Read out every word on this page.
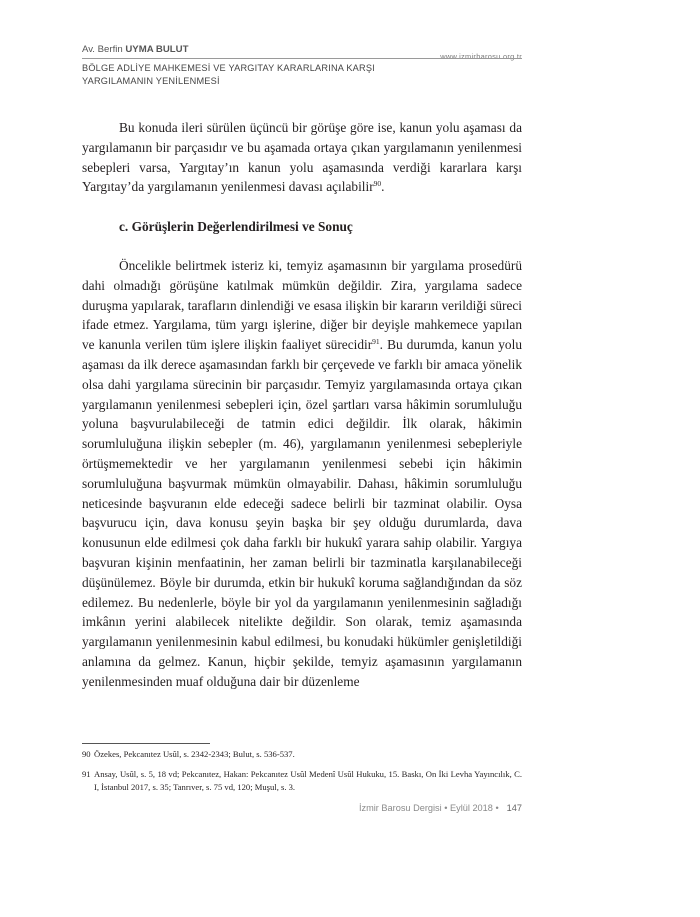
Av. Berfin UYMA BULUT
www.izmirbarosu.org.tr
BÖLGE ADLİYE MAHKEMESİ VE YARGITAY KARARLARINA KARŞI
YARGILAMANIN YENİLENMESİ

Bu konuda ileri sürülen üçüncü bir görüşe göre ise, kanun yolu aşaması da yargılamanın bir parçasıdır ve bu aşamada ortaya çıkan yargılamanın yenilenmesi sebepleri varsa, Yargıtay’ın kanun yolu aşamasında verdiği kararlara karşı Yargıtay’da yargılamanın yenilenmesi davası açılabilir$^{90}$.

c. Görüşlerin Değerlendirilmesi ve Sonuç

Öncelikle belirtmek isteriz ki, temyiz aşamasının bir yargılama prosedürü dahi olmadığı görüşüne katılmak mümkün değildir. Zira, yargılama sadece duruşma yapılarak, tarafların dinlendiği ve esasa ilişkin bir kararın verildiği süreci ifade etmez. Yargılama, tüm yargı işlerine, diğer bir deyişle mahkemece yapılan ve kanunla verilen tüm işlere ilişkin faaliyet sürecidir$^{91}$. Bu durumda, kanun yolu aşaması da ilk derece aşamasından farklı bir çerçevede ve farklı bir amaca yönelik olsa dahi yargılama sürecinin bir parçasıdır. Temyiz yargılamasında ortaya çıkan yargılamanın yenilenmesi sebepleri için, özel şartları varsa hâkimin sorumluluğu yoluna başvurulabileceği de tatmin edici değildir. İlk olarak, hâkimin sorumluluğuna ilişkin sebepler (m. 46), yargılamanın yenilenmesi sebepleriyle örtüşmemektedir ve her yargılamanın yenilenmesi sebebi için hâkimin sorumluluğuna başvurmak mümkün olmayabilir. Dahası, hâkimin sorumluluğu neticesinde başvuranın elde edeceği sadece belirli bir tazminat olabilir. Oysa başvurucu için, dava konusu şeyin başka bir şey olduğu durumlarda, dava konusunun elde edilmesi çok daha farklı bir hukukî yarara sahip olabilir. Yargıya başvuran kişinin menfaatinin, her zaman belirli bir tazminatla karşılanabileceği düşünülemez. Böyle bir durumda, etkin bir hukukî koruma sağlandığından da söz edilemez. Bu nedenlerle, böyle bir yol da yargılamanın yenilenmesinin sağladığı imkânın yerini alabilecek nitelikte değildir. Son olarak, temiz aşamasında yargılamanın yenilenmesinin kabul edilmesi, bu konudaki hükümler genişletildiği anlamına da gelmez. Kanun, hiçbir şekilde, temyiz aşamasının yargılamanın yenilenmesinden muaf olduğuna dair bir düzenleme

90 Özekes, Pekcanıtez Usûl, s. 2342-2343; Bulut, s. 536-537.
91 Ansay, Usûl, s. 5, 18 vd; Pekcanıtez, Hakan: Pekcanıtez Usûl Medenî Usûl Hukuku, 15. Baskı, On İki Levha Yayıncılık, C. I, İstanbul 2017, s. 35; Tanrıver, s. 75 vd, 120; Muşul, s. 3.
İzmir Barosu Dergisi • Eylül 2018 • 147
